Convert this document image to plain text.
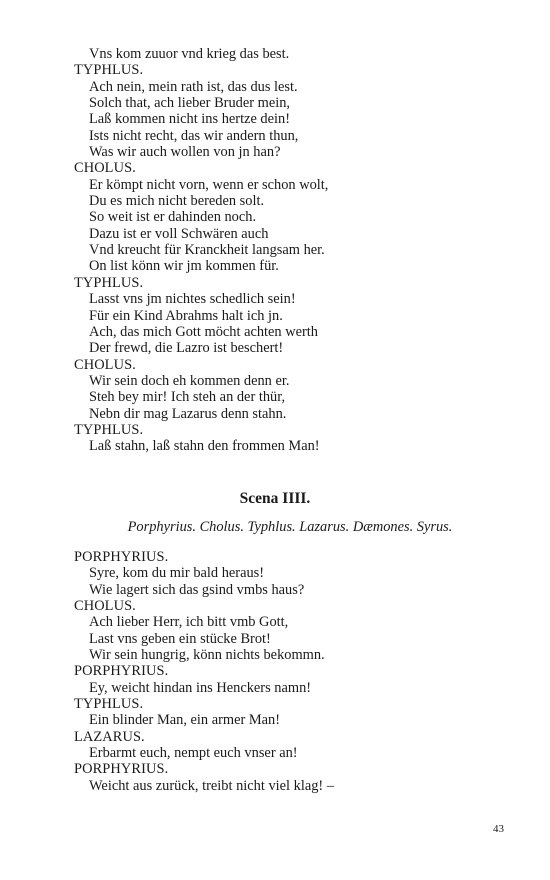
Vns kom zuuor vnd krieg das best.
TYPHLUS.
Ach nein, mein rath ist, das dus lest.
Solch that, ach lieber Bruder mein,
Laß kommen nicht ins hertze dein!
Ists nicht recht, das wir andern thun,
Was wir auch wollen von jn han?
CHOLUS.
Er kömpt nicht vorn, wenn er schon wolt,
Du es mich nicht bereden solt.
So weit ist er dahinden noch.
Dazu ist er voll Schwären auch
Vnd kreucht für Kranckheit langsam her.
On list könn wir jm kommen für.
TYPHLUS.
Lasst vns jm nichtes schedlich sein!
Für ein Kind Abrahms halt ich jn.
Ach, das mich Gott möcht achten werth
Der frewd, die Lazro ist beschert!
CHOLUS.
Wir sein doch eh kommen denn er.
Steh bey mir! Ich steh an der thür,
Nebn dir mag Lazarus denn stahn.
TYPHLUS.
Laß stahn, laß stahn den frommen Man!
Scena IIII.
Porphyrius. Cholus. Typhlus. Lazarus. Dæmones. Syrus.
PORPHYRIUS.
Syre, kom du mir bald heraus!
Wie lagert sich das gsind vmbs haus?
CHOLUS.
Ach lieber Herr, ich bitt vmb Gott,
Last vns geben ein stücke Brot!
Wir sein hungrig, könn nichts bekommn.
PORPHYRIUS.
Ey, weicht hindan ins Henckers namn!
TYPHLUS.
Ein blinder Man, ein armer Man!
LAZARUS.
Erbarmt euch, nempt euch vnser an!
PORPHYRIUS.
Weicht aus zurück, treibt nicht viel klag! –
43
